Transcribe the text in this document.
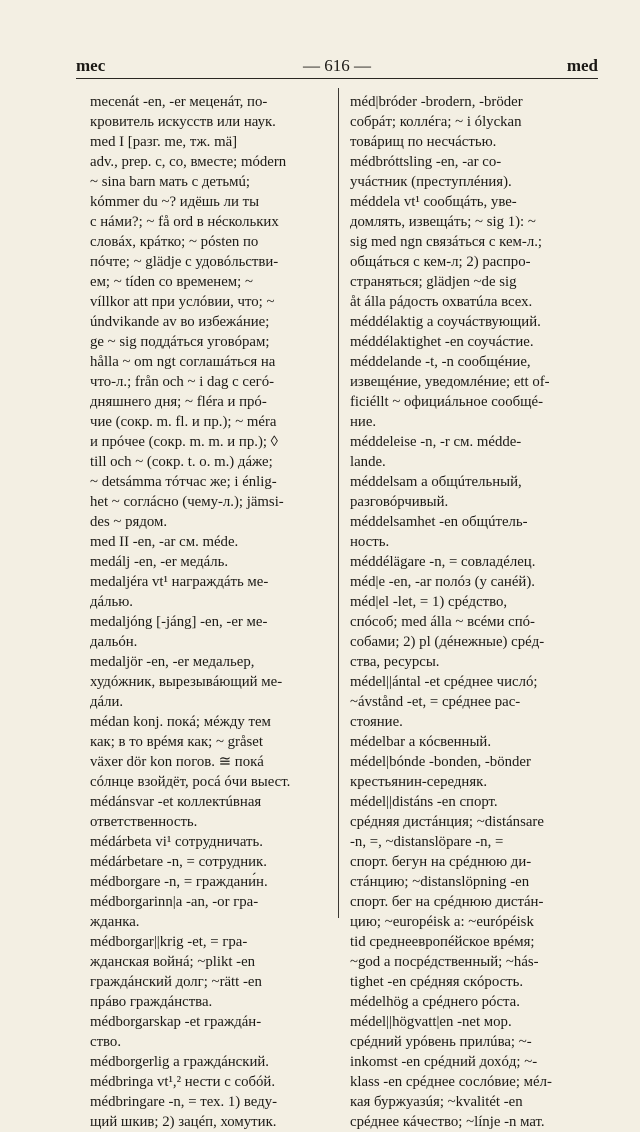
mec	— 616 —	med
mecenát -en, -er меценáт, по-
кровитель искусств или наук.
med I [разг. me, тж. mä]
adv., prep. с, со, вместе; módern
~ sina barn мать с детьмú;
kómmer du ~? идёшь ли ты
с нáми?; ~ få ord в нéскольких
словáх, крáтко; ~ pósten по
пóчте; ~ glädje с удовóльстви-
ем; ~ tíden со временем; ~
víllkor att при услóвии, что; ~
úndvikande av во избежáние;
ge ~ sig поддáться уговóрам;
hålla ~ om ngt соглашáться на
что-л.; från och ~ i dag с сегó-
дняшнего дня; ~ fléra и прó-
чие (сокр. m. fl. и пр.); ~ méra
и прóчее (сокр. m. m. и пр.); ◊
till och ~ (сокр. t. o. m.) дáже;
~ detsámma тóтчас же; i énlig-
het ~ соглáсно (чему-л.); jämsi-
des ~ рядом.
med II -en, -ar см. méde.
medálj -en, -er медáль.
medaljéra vt¹ награждáть ме-
дáлью.
medaljóng [-jáng] -en, -er ме-
дальóн.
medaljör -en, -er медальер,
худóжник, вырезывáющий ме-
дáли.
médan konj. покá; мéжду тем
как; в то врéмя как; ~ gråset
växer dör kon погов. ≅ покá
сóлнце взойдёт, росá óчи выест.
médánsvar -et коллектúвная
ответственность.
médárbeta vi¹ сотрудничать.
médárbetare -n, = сотрудник.
médborgare -n, = граждани́н.
médborgarinn|a -an, -or гра-
жданка.
médborgar||krig -et, = гра-
жданская войнá; ~plikt -en
граждáнский долг; ~rätt -en
прáво граждáнства.
médborgarskap -et граждáн-
ство.
médborgerlig a граждáнский.
médbringa vt¹,² нести с собóй.
médbringare -n, = тех. 1) веду-
щий шкив; 2) зацéп, хомутик.
méd|bróder -brodern, -bröder
собрáт; коллéга; ~ i ólyckan
товáрищ по несчáстью.
médbróttsling -en, -ar со-
учáстник (преступлéния).
méddela vt¹ сообщáть, уве-
домлять, извещáть; ~ sig 1): ~
sig med ngn связáться с кем-л.;
общáться с кем-л; 2) распро-
страняться; glädjen ~de sig
åt álla рáдость охватúла всех.
méddélaktig a соучáствующий.
méddélaktighet -en соучáстие.
méddelande -t, -n сообщéние,
извещéние, уведомлéние; ett of-
ficiéllt ~ официáльное сообщé-
ние.
méddeleise -n, -r см. médde-
lande.
méddelsam a общúтельный,
разговóрчивый.
méddelsamhet -en общúтель-
ность.
méddélägare -n, = совладéлец.
méd|e -en, -ar полóз (у санéй).
méd|el -let, = 1) срéдство,
спóсоб; med álla ~ всéми спó-
собами; 2) pl (дéнежные) срéд-
ства, ресурсы.
médel||ántal -et срéднее числó;
~ávstånd -et, = срéднее рас-
стояние.
médelbar a кóсвенный.
médel|bónde -bonden, -bönder
крестьянин-середняк.
médel||distáns -en спорт.
срéдняя дистáнция; ~distánsare
-n, =, ~distanslöpare -n, =
спорт. бегун на срéднюю ди-
стáнцию; ~distanslöpning -en
спорт. бег на срéднюю дистáн-
цию; ~européisk a: ~európéisk
tid среднеевропéйское врéмя;
~god a посрéдственный; ~hás-
tighet -en срéдняя скóрость.
médelhög a срéднего рóста.
médel||högvatt|en -net мор.
срéдний урóвень прилúва; ~-
inkomst -en срéдний дохóд; ~-
klass -en срéднее сослóвие; мéл-
кая буржуазúя; ~kvalitét -en
срéднее кáчество; ~línje -n мат.
